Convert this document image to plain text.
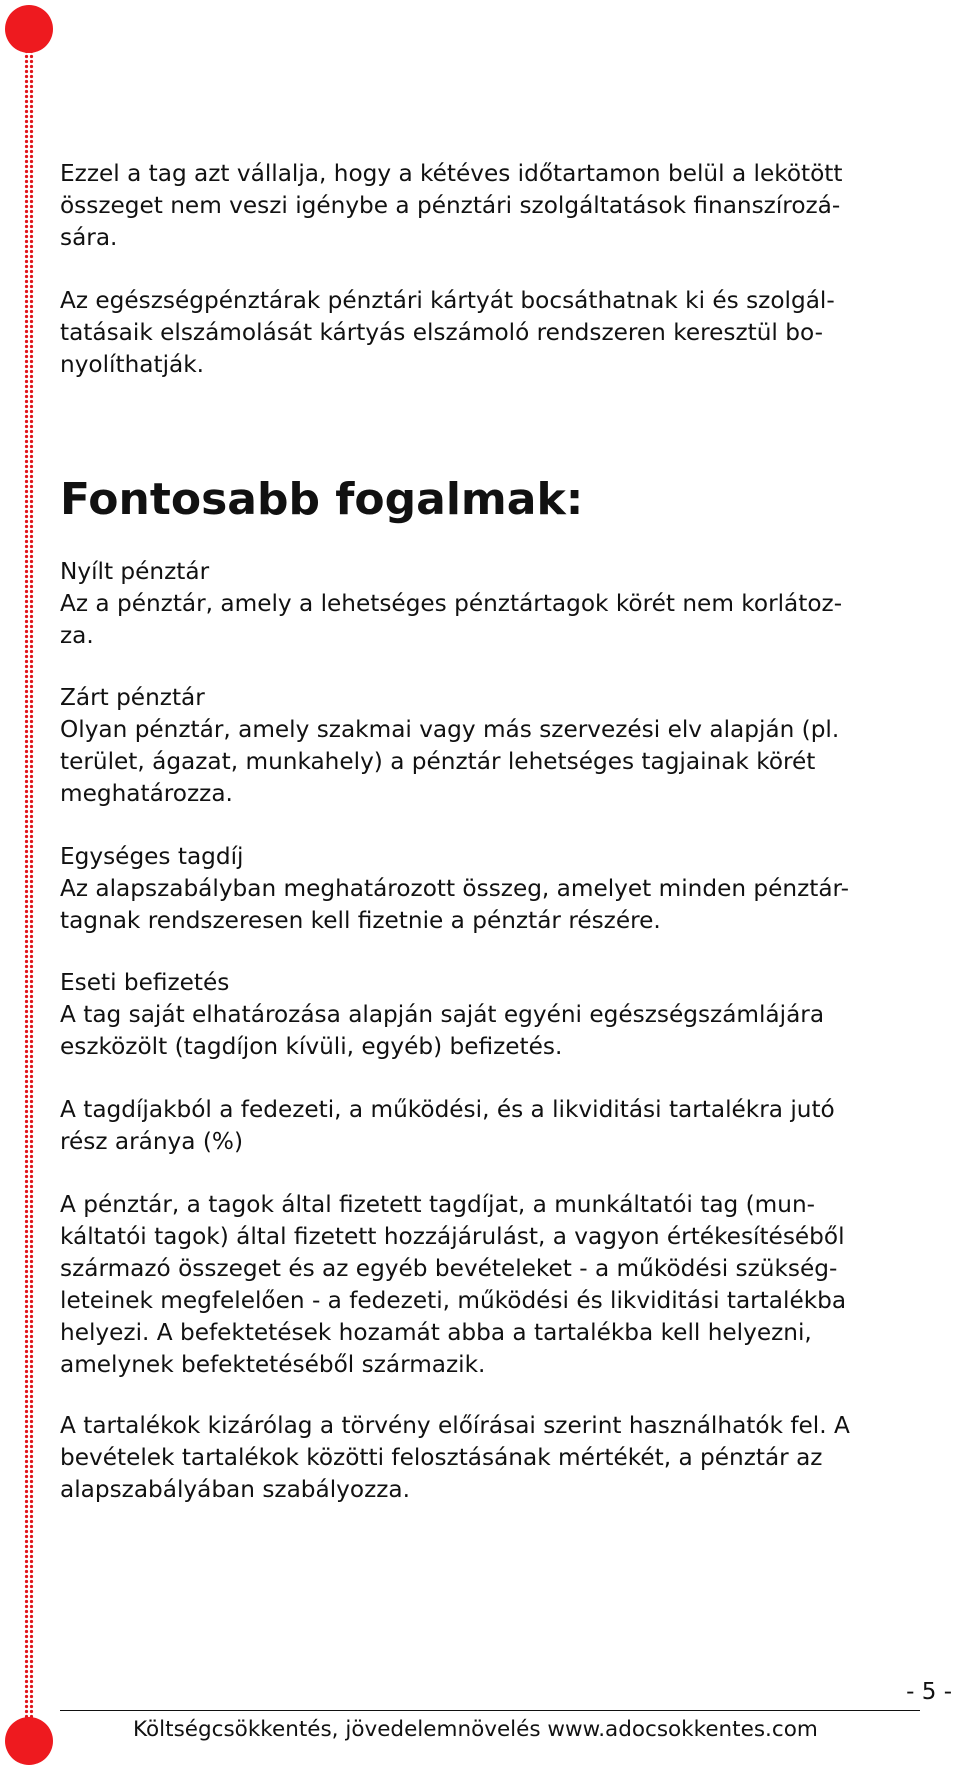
Ezzel a tag azt vállalja, hogy a kétéves időtartamon belül a lekötött
összeget nem veszi igénybe a pénztári szolgáltatások finanszírozá-
sára.

Az egészségpénztárak pénztári kártyát bocsáthatnak ki és szolgál-
tatásaik elszámolását kártyás elszámoló rendszeren keresztül bo-
nyolíthatják.

Fontosabb fogalmak:

Nyílt pénztár
Az a pénztár, amely a lehetséges pénztártagok körét nem korlátoz-
za.

Zárt pénztár
Olyan pénztár, amely szakmai vagy más szervezési elv alapján (pl.
terület, ágazat, munkahely) a pénztár lehetséges tagjainak körét
meghatározza.

Egységes tagdíj
Az alapszabályban meghatározott összeg, amelyet minden pénztár-
tagnak rendszeresen kell fizetnie a pénztár részére.

Eseti befizetés
A tag saját elhatározása alapján saját egyéni egészségszámlájára
eszközölt (tagdíjon kívüli, egyéb) befizetés.

A tagdíjakból a fedezeti, a működési, és a likviditási tartalékra jutó
rész aránya (%)

A pénztár, a tagok által fizetett tagdíjat, a munkáltatói tag (mun-
káltatói tagok) által fizetett hozzájárulást, a vagyon értékesítéséből
származó összeget és az egyéb bevételeket - a működési szükség-
leteinek megfelelően - a fedezeti, működési és likviditási tartalékba
helyezi. A befektetések hozamát abba a tartalékba kell helyezni,
amelynek befektetéséből származik.

A tartalékok kizárólag a törvény előírásai szerint használhatók fel. A
bevételek tartalékok közötti felosztásának mértékét, a pénztár az
alapszabályában szabályozza.

- 5 -
Költségcsökkentés, jövedelemnövelés www.adocsokkentes.com
